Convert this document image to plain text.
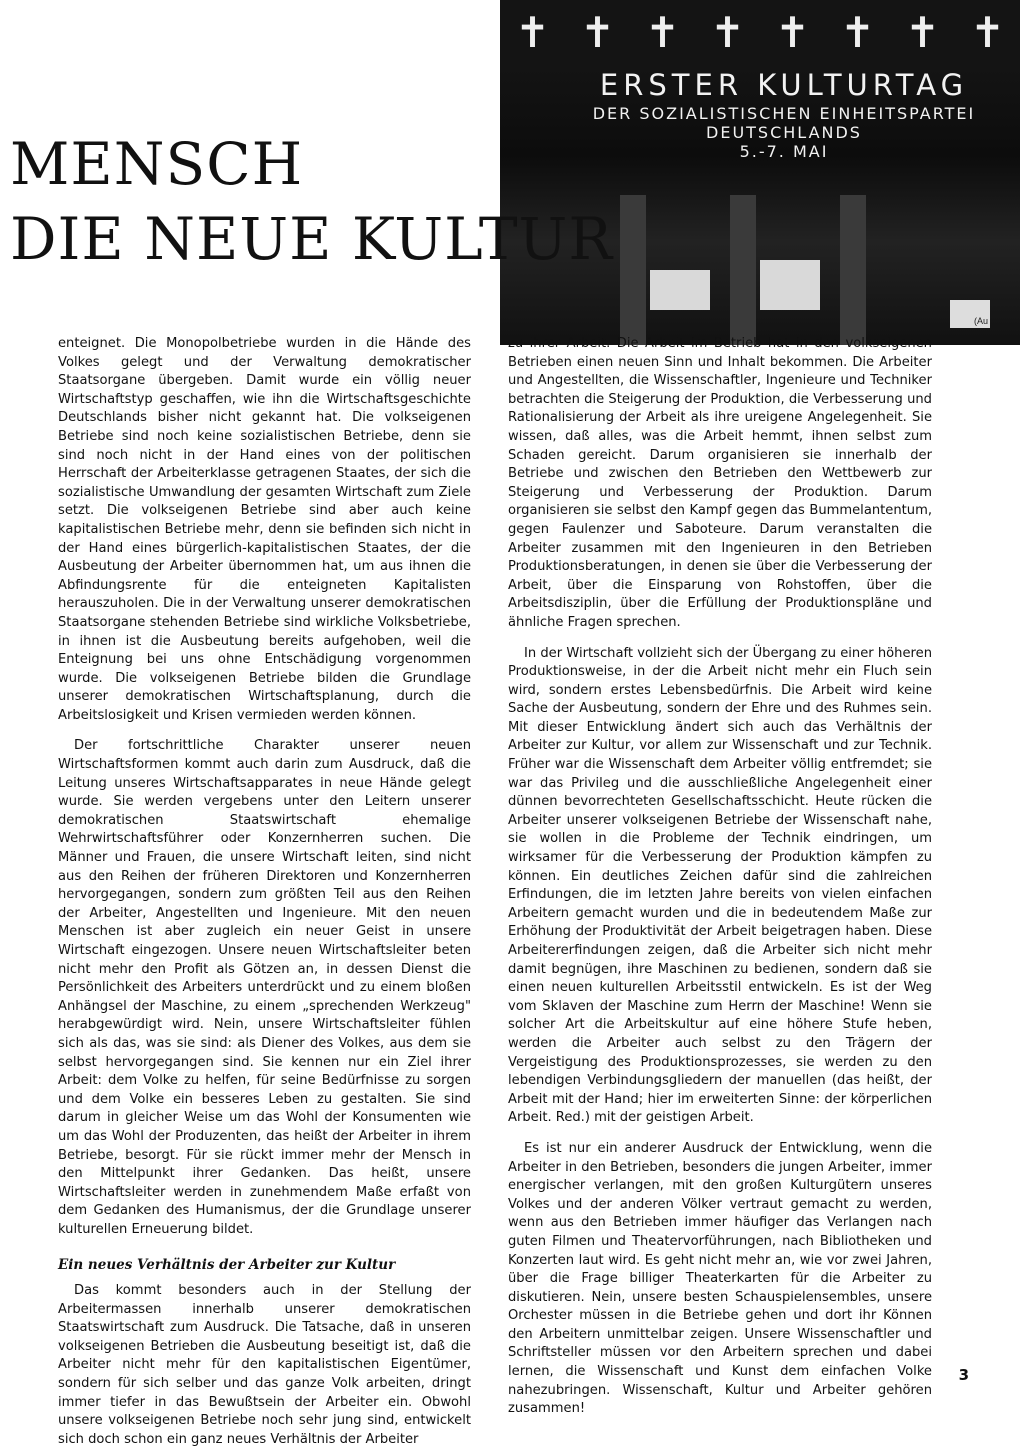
✝ ✝ ✝ ✝ ✝ ✝ ✝ ✝
ERSTER KULTURTAG
DER SOZIALISTISCHEN EINHEITSPARTEI
DEUTSCHLANDS
5.-7. MAI
(Au
MENSCH
DIE NEUE KULTUR

enteignet. Die Monopolbetriebe wurden in die Hände des Volkes gelegt und der Verwaltung demokratischer Staatsorgane übergeben. Damit wurde ein völlig neuer Wirtschaftstyp geschaffen, wie ihn die Wirtschaftsgeschichte Deutschlands bisher nicht gekannt hat. Die volkseigenen Betriebe sind noch keine sozialistischen Betriebe, denn sie sind noch nicht in der Hand eines von der politischen Herrschaft der Arbeiterklasse getragenen Staates, der sich die sozialistische Umwandlung der gesamten Wirtschaft zum Ziele setzt. Die volkseigenen Betriebe sind aber auch keine kapitalistischen Betriebe mehr, denn sie befinden sich nicht in der Hand eines bürgerlich-kapitalistischen Staates, der die Ausbeutung der Arbeiter übernommen hat, um aus ihnen die Abfindungsrente für die enteigneten Kapitalisten herauszuholen. Die in der Verwaltung unserer demokratischen Staatsorgane stehenden Betriebe sind wirkliche Volksbetriebe, in ihnen ist die Ausbeutung bereits aufgehoben, weil die Enteignung bei uns ohne Entschädigung vorgenommen wurde. Die volkseigenen Betriebe bilden die Grundlage unserer demokratischen Wirtschaftsplanung, durch die Arbeitslosigkeit und Krisen vermieden werden können.

Der fortschrittliche Charakter unserer neuen Wirtschaftsformen kommt auch darin zum Ausdruck, daß die Leitung unseres Wirtschaftsapparates in neue Hände gelegt wurde. Sie werden vergebens unter den Leitern unserer demokratischen Staatswirtschaft ehemalige Wehrwirtschaftsführer oder Konzernherren suchen. Die Männer und Frauen, die unsere Wirtschaft leiten, sind nicht aus den Reihen der früheren Direktoren und Konzernherren hervorgegangen, sondern zum größten Teil aus den Reihen der Arbeiter, Angestellten und Ingenieure. Mit den neuen Menschen ist aber zugleich ein neuer Geist in unsere Wirtschaft eingezogen. Unsere neuen Wirtschaftsleiter beten nicht mehr den Profit als Götzen an, in dessen Dienst die Persönlichkeit des Arbeiters unterdrückt und zu einem bloßen Anhängsel der Maschine, zu einem „sprechenden Werkzeug" herabgewürdigt wird. Nein, unsere Wirtschaftsleiter fühlen sich als das, was sie sind: als Diener des Volkes, aus dem sie selbst hervorgegangen sind. Sie kennen nur ein Ziel ihrer Arbeit: dem Volke zu helfen, für seine Bedürfnisse zu sorgen und dem Volke ein besseres Leben zu gestalten. Sie sind darum in gleicher Weise um das Wohl der Konsumenten wie um das Wohl der Produzenten, das heißt der Arbeiter in ihrem Betriebe, besorgt. Für sie rückt immer mehr der Mensch in den Mittelpunkt ihrer Gedanken. Das heißt, unsere Wirtschaftsleiter werden in zunehmendem Maße erfaßt von dem Gedanken des Humanismus, der die Grundlage unserer kulturellen Erneuerung bildet.

Ein neues Verhältnis der Arbeiter zur Kultur

Das kommt besonders auch in der Stellung der Arbeitermassen innerhalb unserer demokratischen Staatswirtschaft zum Ausdruck. Die Tatsache, daß in unseren volkseigenen Betrieben die Ausbeutung beseitigt ist, daß die Arbeiter nicht mehr für den kapitalistischen Eigentümer, sondern für sich selber und das ganze Volk arbeiten, dringt immer tiefer in das Bewußtsein der Arbeiter ein. Obwohl unsere volkseigenen Betriebe noch sehr jung sind, entwickelt sich doch schon ein ganz neues Verhältnis der Arbeiter

zu ihrer Arbeit. Die Arbeit im Betrieb hat in den volkseigenen Betrieben einen neuen Sinn und Inhalt bekommen. Die Arbeiter und Angestellten, die Wissenschaftler, Ingenieure und Techniker betrachten die Steigerung der Produktion, die Verbesserung und Rationalisierung der Arbeit als ihre ureigene Angelegenheit. Sie wissen, daß alles, was die Arbeit hemmt, ihnen selbst zum Schaden gereicht. Darum organisieren sie innerhalb der Betriebe und zwischen den Betrieben den Wettbewerb zur Steigerung und Verbesserung der Produktion. Darum organisieren sie selbst den Kampf gegen das Bummelantentum, gegen Faulenzer und Saboteure. Darum veranstalten die Arbeiter zusammen mit den Ingenieuren in den Betrieben Produktionsberatungen, in denen sie über die Verbesserung der Arbeit, über die Einsparung von Rohstoffen, über die Arbeitsdisziplin, über die Erfüllung der Produktionspläne und ähnliche Fragen sprechen.

In der Wirtschaft vollzieht sich der Übergang zu einer höheren Produktionsweise, in der die Arbeit nicht mehr ein Fluch sein wird, sondern erstes Lebensbedürfnis. Die Arbeit wird keine Sache der Ausbeutung, sondern der Ehre und des Ruhmes sein. Mit dieser Entwicklung ändert sich auch das Verhältnis der Arbeiter zur Kultur, vor allem zur Wissenschaft und zur Technik. Früher war die Wissenschaft dem Arbeiter völlig entfremdet; sie war das Privileg und die ausschließliche Angelegenheit einer dünnen bevorrechteten Gesellschaftsschicht. Heute rücken die Arbeiter unserer volkseigenen Betriebe der Wissenschaft nahe, sie wollen in die Probleme der Technik eindringen, um wirksamer für die Verbesserung der Produktion kämpfen zu können. Ein deutliches Zeichen dafür sind die zahlreichen Erfindungen, die im letzten Jahre bereits von vielen einfachen Arbeitern gemacht wurden und die in bedeutendem Maße zur Erhöhung der Produktivität der Arbeit beigetragen haben. Diese Arbeitererfindungen zeigen, daß die Arbeiter sich nicht mehr damit begnügen, ihre Maschinen zu bedienen, sondern daß sie einen neuen kulturellen Arbeitsstil entwickeln. Es ist der Weg vom Sklaven der Maschine zum Herrn der Maschine! Wenn sie solcher Art die Arbeitskultur auf eine höhere Stufe heben, werden die Arbeiter auch selbst zu den Trägern der Vergeistigung des Produktionsprozesses, sie werden zu den lebendigen Verbindungsgliedern der manuellen (das heißt, der Arbeit mit der Hand; hier im erweiterten Sinne: der körperlichen Arbeit. Red.) mit der geistigen Arbeit.

Es ist nur ein anderer Ausdruck der Entwicklung, wenn die Arbeiter in den Betrieben, besonders die jungen Arbeiter, immer energischer verlangen, mit den großen Kulturgütern unseres Volkes und der anderen Völker vertraut gemacht zu werden, wenn aus den Betrieben immer häufiger das Verlangen nach guten Filmen und Theatervorführungen, nach Bibliotheken und Konzerten laut wird. Es geht nicht mehr an, wie vor zwei Jahren, über die Frage billiger Theaterkarten für die Arbeiter zu diskutieren. Nein, unsere besten Schauspielensembles, unsere Orchester müssen in die Betriebe gehen und dort ihr Können den Arbeitern unmittelbar zeigen. Unsere Wissenschaftler und Schriftsteller müssen vor den Arbeitern sprechen und dabei lernen, die Wissenschaft und Kunst dem einfachen Volke nahezubringen. Wissenschaft, Kultur und Arbeiter gehören zusammen!

3
